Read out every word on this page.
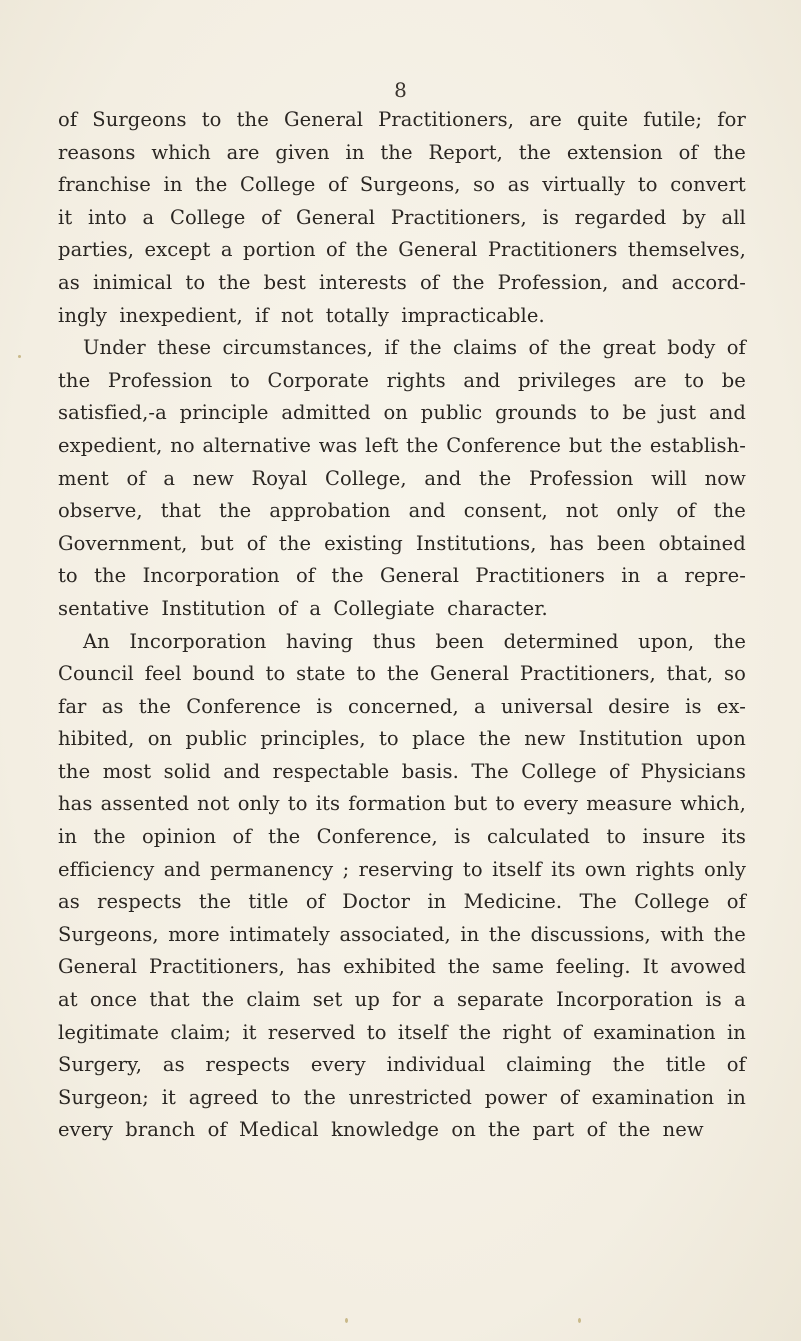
8
of Surgeons to the General Practitioners, are quite futile; for
reasons which are given in the Report, the extension of the
franchise in the College of Surgeons, so as virtually to convert
it into a College of General Practitioners, is regarded by all
parties, except a portion of the General Practitioners themselves,
as inimical to the best interests of the Profession, and accord-
ingly inexpedient, if not totally impracticable.
Under these circumstances, if the claims of the great body of
the Profession to Corporate rights and privileges are to be
satisfied,-a principle admitted on public grounds to be just and
expedient, no alternative was left the Conference but the establish-
ment of a new Royal College, and the Profession will now
observe, that the approbation and consent, not only of the
Government, but of the existing Institutions, has been obtained
to the Incorporation of the General Practitioners in a repre-
sentative Institution of a Collegiate character.
An Incorporation having thus been determined upon, the
Council feel bound to state to the General Practitioners, that, so
far as the Conference is concerned, a universal desire is ex-
hibited, on public principles, to place the new Institution upon
the most solid and respectable basis. The College of Physicians
has assented not only to its formation but to every measure which,
in the opinion of the Conference, is calculated to insure its
efficiency and permanency ; reserving to itself its own rights only
as respects the title of Doctor in Medicine. The College of
Surgeons, more intimately associated, in the discussions, with the
General Practitioners, has exhibited the same feeling. It avowed
at once that the claim set up for a separate Incorporation is a
legitimate claim; it reserved to itself the right of examination in
Surgery, as respects every individual claiming the title of
Surgeon; it agreed to the unrestricted power of examination in
every branch of Medical knowledge on the part of the new
